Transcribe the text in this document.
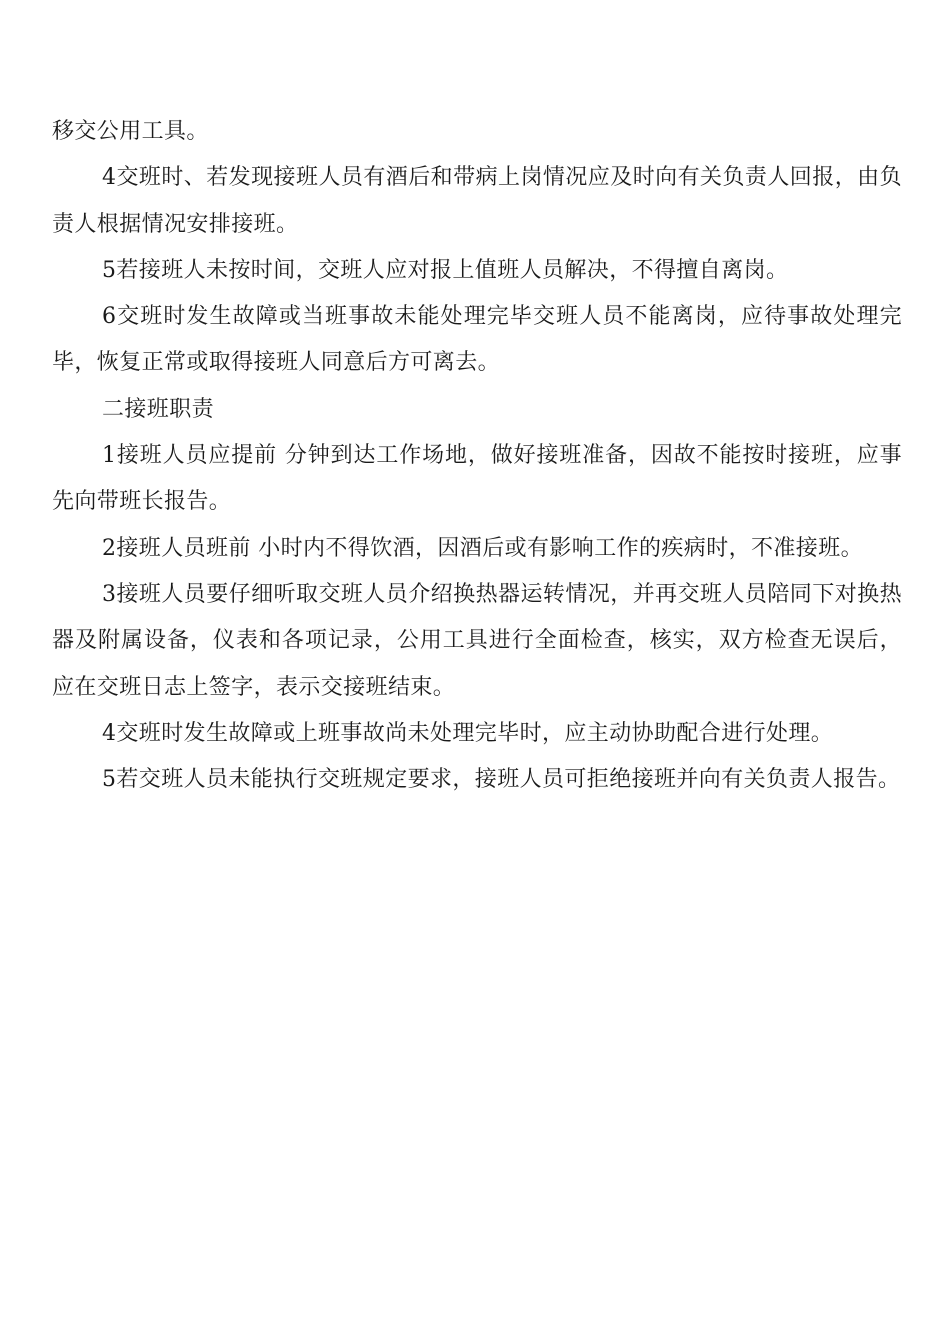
移交公用工具。

4交班时、若发现接班人员有酒后和带病上岗情况应及时向有关负责人回报，由负责人根据情况安排接班。

5若接班人未按时间，交班人应对报上值班人员解决，不得擅自离岗。

6交班时发生故障或当班事故未能处理完毕交班人员不能离岗，应待事故处理完毕，恢复正常或取得接班人同意后方可离去。

二接班职责

1接班人员应提前 分钟到达工作场地，做好接班准备，因故不能按时接班，应事先向带班长报告。

2接班人员班前 小时内不得饮酒，因酒后或有影响工作的疾病时，不准接班。

3接班人员要仔细听取交班人员介绍换热器运转情况，并再交班人员陪同下对换热器及附属设备，仪表和各项记录，公用工具进行全面检查，核实，双方检查无误后，应在交班日志上签字，表示交接班结束。

4交班时发生故障或上班事故尚未处理完毕时，应主动协助配合进行处理。

5若交班人员未能执行交班规定要求，接班人员可拒绝接班并向有关负责人报告。
